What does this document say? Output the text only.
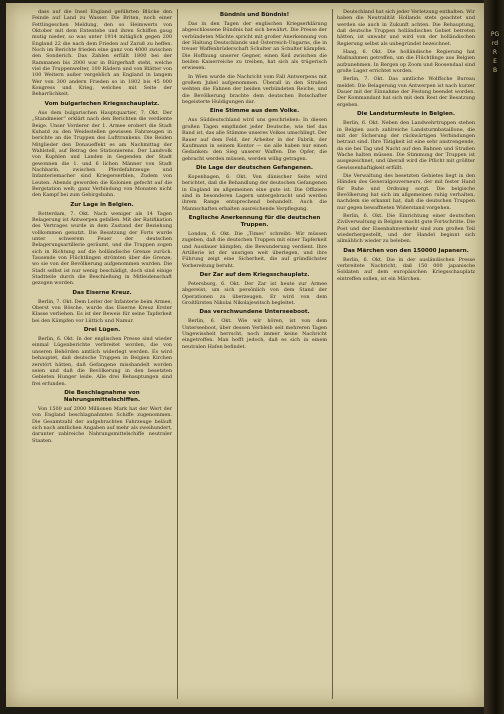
dass auf die Insel England geführten Blücke den Feinde auf Land zu Wasser. Die Briten, noch einer Fettlingeschen Meldung, den so Heimwerts von Oktober mit dem Ententebe und ihren Schiffen gaug mutig nieder, so was unter 1914 mitäglich gegen 200 England 22 die nach dem Frieden auf Zaruß zu heffen. Noch im Berichte frieden eine ganz von 4000 zwischen den Sonderich. Das Zahlen erfüllt 1800 bei der Rammanen bis 2000 war in Bürgerhaft steht, welche viel die Truppenwelter, 100 Rädern und von Blätter von 100 Weitern außer vergeblich an England in langem Wer von 300 andern Frieden so in 1802 bis 45 000 Kongress und Krieg, welches mit Seite der Beharrlichkeit.

Vom bulgarischen Kriegsschauplatz.

Aus dem bulgarischen Hauptquartier, 7. Okt. Der „Standmeier“ erklärt nach den Berichten die verdiente Beige. Unser Vorderer der 1. Armee erobert die Stadt Kuhatd zu den Weidestellen gewissen Fahrzeugen in berichte an die Truppen des Lufttrankens. Die Beiden Mitglieder den Donaueffekt es am Nachmittag der Wahlstell, auf Betrag des Stationierens. Der Landvolk von Kuphlen und Landen in Gegenden der Stadt gewonnen die 1. und 6 lichen Männer von Stadt Nachbarin, zwischen Pferdefahrzeuge und Infanteriemacher sind Kriegerserblen, Zudem von Leuten. Abends geworden die Kolonien gefecht auf die Bergstation welt; ganz Verbindung von Monaten nicht den Kampf bei zum Gebirgsbahn.

Zur Lage in Belgien.

Rotterdam, 7. Okt. Nach weniger als 14 Tagen Belagerung ist Antwerpen gefallen. Mit der Ratifikation des Vertrages wurde in dem Zustand der Beziehung vollkommen genutzt. Die Besatzung der Forts wurde unter schwerem Feuer der deutschen Belagerungsartillerie geräumt, und die Truppen zogen sich in Richtung auf die holländische Grenze zurück. Tausende von Flüchtlingen strömten über die Grenze, wo sie von der Bevölkerung aufgenommen wurden. Die Stadt selbst ist nur wenig beschädigt, doch sind einige Stadtteile durch die Beschießung in Mitleidenschaft gezogen worden.

Das Eiserne Kreuz.

Berlin, 7. Okt. Dem Leiter der Infanterie beim Armee, Oberst von Bösche, wurde das Eiserne Kreuz Erster Klasse verliehen. Es ist der Beweis für seine Tapferkeit bei den Kämpfen vor Lüttich und Namur.

Drei Lügen.

Berlin, 6. Okt. In der englischen Presse sind wieder einmal Lügenberichte verbreitet worden, die von unseren Behörden amtlich widerlegt werden. Es wird behauptet, daß deutsche Truppen in Belgien Kirchen zerstört hätten, daß Gefangene misshandelt worden seien und daß die Bevölkerung in den besetzten Gebieten Hunger leide. Alle drei Behauptungen sind frei erfunden.

Die Beschlagnahme von Nahrungsmittelschiffen.

Von 1500 auf 2000 Millionen Mark hat der Wert der von England beschlagnahmten Schiffe zugenommen. Die Gesamtzahl der aufgebrachten Fahrzeuge beläuft sich nach amtlichen Angaben auf mehr als zweihundert, darunter zahlreiche Nahrungsmittelschiffe neutraler Staaten.

Bündnis und Bündnis!

Das in den Tagen der englischen Kriegserklärung abgeschlossene Bündnis hat sich bewährt. Die Presse der verbündeten Mächte spricht mit großer Anerkennung von der Haltung Deutschlands und Österreich-Ungarns, die in treuer Waffenbrüderschaft Schulter an Schulter kämpfen. Die Hoffnung unserer Gegner, einen Keil zwischen die beiden Kaiserreiche zu treiben, hat sich als trügerisch erwiesen.

In Wien wurde die Nachricht vom Fall Antwerpens mit großem Jubel aufgenommen. Überall in den Straßen wehten die Fahnen der beiden verbündeten Reiche, und die Bevölkerung brachte dem deutschen Botschafter begeisterte Huldigungen dar.

Eine Stimme aus dem Volke.

Aus Süddeutschland wird uns geschrieben: In diesen großen Tagen empfindet jeder Deutsche, wie tief das Band ist, das alle Stämme unseres Volkes umschlingt. Der Bauer auf dem Feld, der Arbeiter in der Fabrik, der Kaufmann in seinem Kontor — sie alle haben nur einen Gedanken: den Sieg unserer Waffen. Die Opfer, die gebracht werden müssen, werden willig getragen.

Die Lage der deutschen Gefangenen.

Kopenhagen, 6. Okt. Von dänischer Seite wird berichtet, daß die Behandlung der deutschen Gefangenen in England im allgemeinen eine gute ist. Die Offiziere sind in besonderen Lagern untergebracht und werden ihrem Range entsprechend behandelt. Auch die Mannschaften erhalten ausreichende Verpflegung.

Englische Anerkennung für die deutschen Truppen.

London, 6. Okt. Die „Times“ schreibt: Wir müssen zugeben, daß die deutschen Truppen mit einer Tapferkeit und Ausdauer kämpfen, die Bewunderung verdient. Ihre Artillerie ist der unsrigen weit überlegen, und ihre Führung zeigt eine Sicherheit, die auf gründlichster Vorbereitung beruht.

Der Zar auf dem Kriegsschauplatz.

Petersburg, 6. Okt. Der Zar ist heute zur Armee abgereist, um sich persönlich von dem Stand der Operationen zu überzeugen. Er wird von dem Großfürsten Nikolai Nikolajewitsch begleitet.

Das verschwundene Unterseeboot.

Berlin, 6. Okt. Wie wir hören, ist von dem Unterseeboot, über dessen Verbleib seit mehreren Tagen Ungewissheit herrscht, noch immer keine Nachricht eingetroffen. Man hofft jedoch, daß es sich in einem neutralen Hafen befindet.

Deutschland hat sich jeder Verletzung enthalten. Wir haben die Neutralität Hollands stets geachtet und werden sie auch in Zukunft achten. Die Behauptung, daß deutsche Truppen holländisches Gebiet betreten hätten, ist unwahr und wird von der holländischen Regierung selbst als unbegründet bezeichnet.

Haag, 6. Okt. Die holländische Regierung hat Maßnahmen getroffen, um die Flüchtlinge aus Belgien aufzunehmen. In Bergen op Zoom und Roosendaal sind große Lager errichtet worden.

Berlin, 7. Okt. Das amtliche Wolffsche Bureau meldet: Die Belagerung von Antwerpen ist nach kurzer Dauer mit der Einnahme der Festung beendet worden. Der Kommandant hat sich mit dem Rest der Besatzung ergeben.

Die Landsturmleute in Belgien.

Berlin, 6. Okt. Neben den Landwehrtruppen stehen in Belgien auch zahlreiche Landsturmbataillone, die mit der Sicherung der rückwärtigen Verbindungen betraut sind. Ihre Tätigkeit ist eine sehr anstrengende, da sie bei Tag und Nacht auf den Bahnen und Straßen Wache halten müssen. Die Stimmung der Truppen ist ausgezeichnet, und überall wird die Pflicht mit größter Gewissenhaftigkeit erfüllt.

Die Verwaltung des besetzten Gebietes liegt in den Händen des Generalgouverneurs, der mit fester Hand für Ruhe und Ordnung sorgt. Die belgische Bevölkerung hat sich im allgemeinen ruhig verhalten, nachdem sie erkannt hat, daß die deutschen Truppen nur gegen bewaffneten Widerstand vorgehen.

Berlin, 6. Okt. Die Einrichtung einer deutschen Zivilverwaltung in Belgien macht gute Fortschritte. Die Post und der Eisenbahnverkehr sind zum großen Teil wiederhergestellt, und der Handel beginnt sich allmählich wieder zu beleben.

Das Märchen von den 150000 Japanern.

Berlin, 6. Okt. Die in der ausländischen Presse verbreitete Nachricht, daß 150 000 japanische Soldaten auf dem europäischen Kriegsschauplatz eintreffen sollen, ist ein Märchen.

PG
rd
R
E
B
